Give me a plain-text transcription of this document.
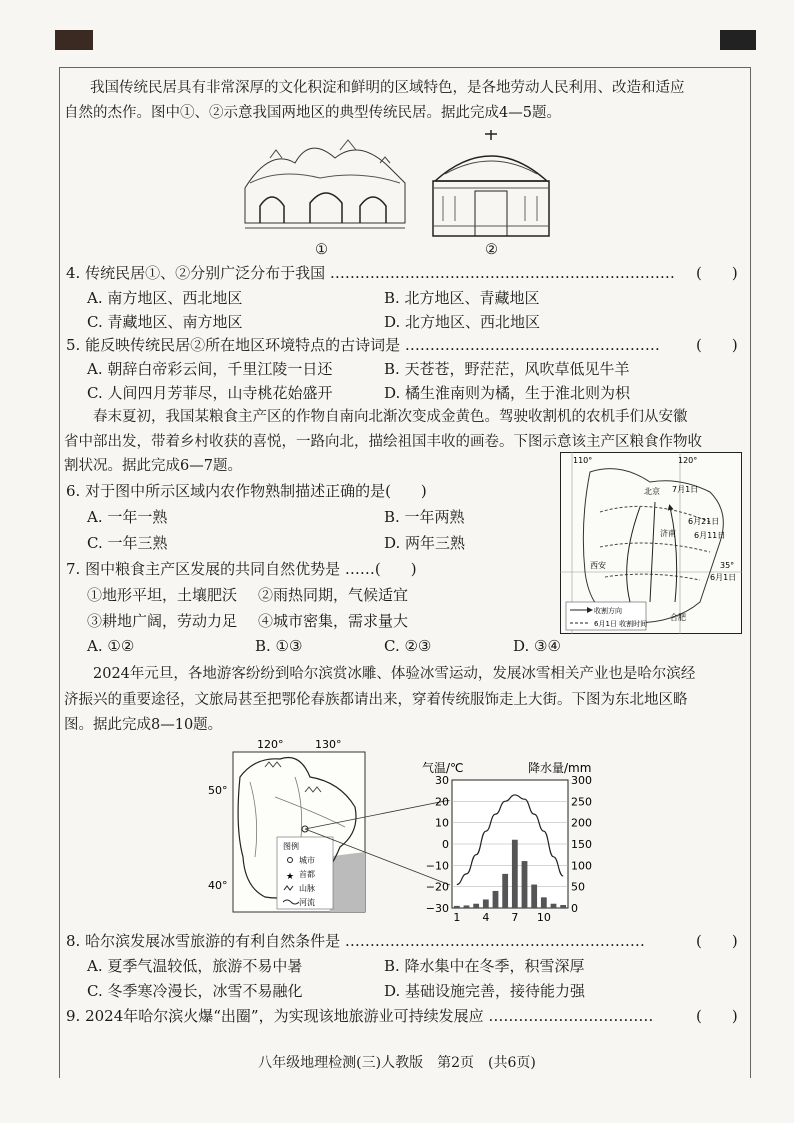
我国传统民居具有非常深厚的文化积淀和鲜明的区域特色，是各地劳动人民利用、改造和适应
自然的杰作。图中①、②示意我国两地区的典型传统民居。据此完成4—5题。
①	②
4. 传统民居①、②分别广泛分布于我国 …………………………………………………………… (　　)
A. 南方地区、西北地区	B. 北方地区、青藏地区
C. 青藏地区、南方地区	D. 北方地区、西北地区
5. 能反映传统民居②所在地区环境特点的古诗词是 …………………………………………… (　　)
A. 朝辞白帝彩云间，千里江陵一日还	B. 天苍苍，野茫茫，风吹草低见牛羊
C. 人间四月芳菲尽，山寺桃花始盛开	D. 橘生淮南则为橘，生于淮北则为枳
春末夏初，我国某粮食主产区的作物自南向北渐次变成金黄色。驾驶收割机的农机手们从安徽
省中部出发，带着乡村收获的喜悦，一路向北，描绘祖国丰收的画卷。下图示意该主产区粮食作物收
割状况。据此完成6—7题。	110°	120°
35°
7月1日
6月21日
6月11日
6月1日
北京
济南
合肥
西安
收割方向
6月1日 收割时间
6. 对于图中所示区域内农作物熟制描述正确的是(　　)
A. 一年一熟	B. 一年两熟
C. 一年三熟	D. 两年三熟
7. 图中粮食主产区发展的共同自然优势是 ……(　　)
①地形平坦，土壤肥沃 ②雨热同期，气候适宜
③耕地广阔，劳动力足 ④城市密集，需求量大
A. ①②	B. ①③	C. ②③	D. ③④
2024年元旦，各地游客纷纷到哈尔滨赏冰雕、体验冰雪运动，发展冰雪相关产业也是哈尔滨经
济振兴的重要途径，文旅局甚至把鄂伦春族都请出来，穿着传统服饰走上大街。下图为东北地区略
图。据此完成8—10题。
120°	130°
50°
40°
图例
城市
首都
★
山脉
河流
气温/℃	降水量/mm
30
20
10
0
−10
−20
−30
300
250
200
150
100
50
0
1 4 7 10
8. 哈尔滨发展冰雪旅游的有利自然条件是 ……………………………………………………	(　　)
A. 夏季气温较低，旅游不易中暑	B. 降水集中在冬季，积雪深厚
C. 冬季寒冷漫长，冰雪不易融化	D. 基础设施完善，接待能力强
9. 2024年哈尔滨火爆“出圈”，为实现该地旅游业可持续发展应 ……………………………	(　　)
八年级地理检测(三)人教版　第2页　(共6页)
